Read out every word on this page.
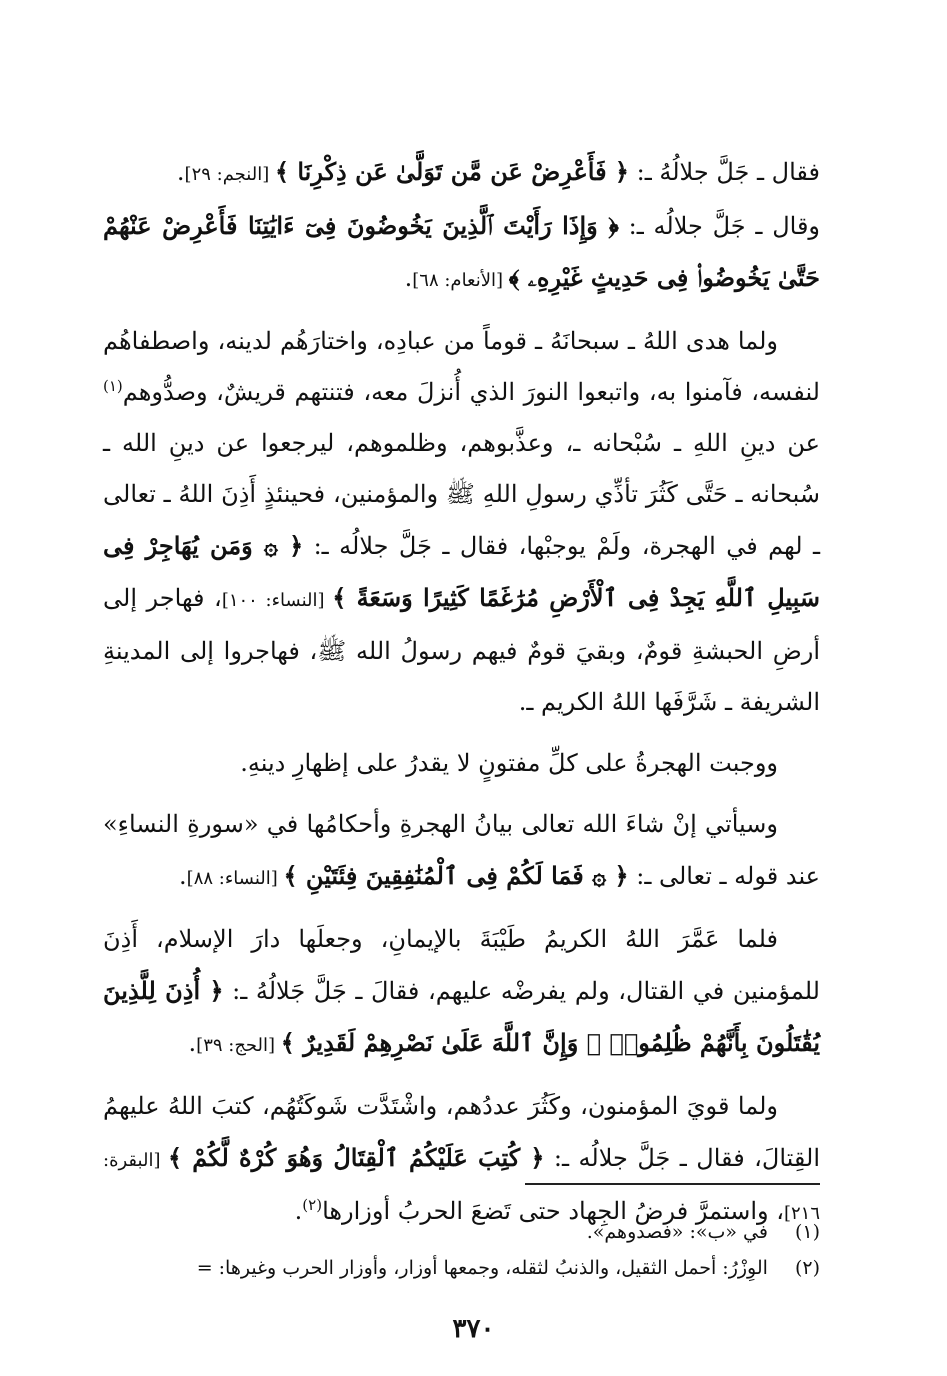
فقال ـ جَلَّ جلالُهُ ـ: ﴿ فَأَعْرِضْ عَن مَّن تَوَلَّىٰ عَن ذِكْرِنَا ﴾ [النجم: ٢٩].

وقال ـ جَلَّ جلالُه ـ: ﴿ وَإِذَا رَأَيْتَ ٱلَّذِينَ يَخُوضُونَ فِىٓ ءَايَٰتِنَا فَأَعْرِضْ عَنْهُمْ حَتَّىٰ يَخُوضُوا۟ فِى حَدِيثٍ غَيْرِهِۦ ﴾ [الأنعام: ٦٨].

ولما هدى اللهُ ـ سبحانَهُ ـ قوماً من عبادِه، واختارَهُم لدينه، واصطفاهُم لنفسه، فآمنوا به، واتبعوا النورَ الذي أُنزلَ معه، فتنتهم قريشٌ، وصدُّوهم$^{(١)}$ عن دينِ اللهِ ـ سُبْحانه ـ، وعذَّبوهم، وظلموهم، ليرجعوا عن دينِ الله ـ سُبحانه ـ حَتَّى كَثُرَ تأذِّي رسولِ اللهِ ﷺ والمؤمنين، فحينئذٍ أَذِنَ اللهُ ـ تعالى ـ لهم في الهجرة، ولَمْ يوجبْها، فقال ـ جَلَّ جلالُه ـ: ﴿ ۞ وَمَن يُهَاجِرْ فِى سَبِيلِ ٱللَّهِ يَجِدْ فِى ٱلْأَرْضِ مُرَٰغَمًا كَثِيرًا وَسَعَةً ﴾ [النساء: ١٠٠]، فهاجر إلى أرضِ الحبشةِ قومٌ، وبقيَ قومٌ فيهم رسولُ الله ﷺ، فهاجروا إلى المدينةِ الشريفة ـ شَرَّفَها اللهُ الكريم ـ.

ووجبت الهجرةُ على كلِّ مفتونٍ لا يقدرُ على إظهارِ دينهِ.

وسيأتي إنْ شاءَ الله تعالى بيانُ الهجرةِ وأحكامُها في «سورةِ النساءِ» عند قوله ـ تعالى ـ: ﴿ ۞ فَمَا لَكُمْ فِى ٱلْمُنَٰفِقِينَ فِئَتَيْنِ ﴾ [النساء: ٨٨].

فلما عَمَّرَ اللهُ الكريمُ طَيْبَةَ بالإيمانِ، وجعلَها دارَ الإسلام، أَذِنَ للمؤمنين في القتال، ولم يفرضْه عليهم، فقالَ ـ جَلَّ جَلالُهُ ـ: ﴿ أُذِنَ لِلَّذِينَ يُقَٰتَلُونَ بِأَنَّهُمْ ظُلِمُوا۟ ۚ وَإِنَّ ٱللَّهَ عَلَىٰ نَصْرِهِمْ لَقَدِيرٌ ﴾ [الحج: ٣٩].

ولما قويَ المؤمنون، وكَثُرَ عددُهم، واشْتَدَّت شَوكَتُهُم، كتبَ اللهُ عليهمُ القِتالَ، فقال ـ جَلَّ جلالُه ـ: ﴿ كُتِبَ عَلَيْكُمُ ٱلْقِتَالُ وَهُوَ كُرْهٌ لَّكُمْ ﴾ [البقرة: ٢١٦]، واستمرَّ فرضُ الجِهاد حتى تَضعَ الحربُ أوزارها$^{(٢)}$.

(١) في «ب»: «فصدوهم».

(٢) الوِزْرُ: أحمل الثقيل، والذنبُ لثقله، وجمعها أوزار، وأوزار الحرب وغيرها: =

٣٧٠
